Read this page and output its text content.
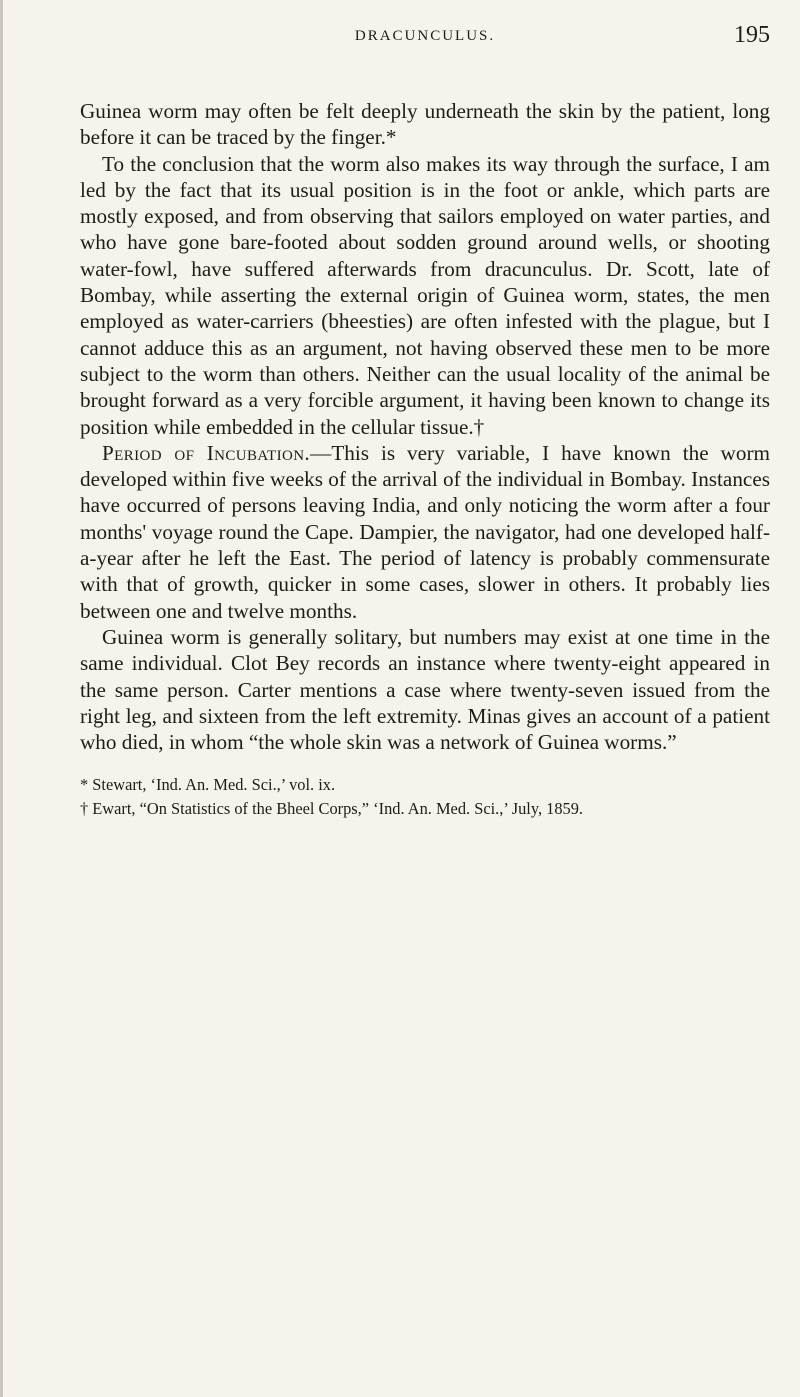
DRACUNCULUS.	195

Guinea worm may often be felt deeply underneath the skin by the patient, long before it can be traced by the finger.*

To the conclusion that the worm also makes its way through the surface, I am led by the fact that its usual position is in the foot or ankle, which parts are mostly exposed, and from observing that sailors employed on water parties, and who have gone bare-footed about sodden ground around wells, or shooting water-fowl, have suffered afterwards from dracunculus. Dr. Scott, late of Bombay, while asserting the external origin of Guinea worm, states, the men employed as water-carriers (bheesties) are often infested with the plague, but I cannot adduce this as an argument, not having observed these men to be more subject to the worm than others. Neither can the usual locality of the animal be brought forward as a very forcible argument, it having been known to change its position while embedded in the cellular tissue.†

Period of Incubation.—This is very variable, I have known the worm developed within five weeks of the arrival of the individual in Bombay. Instances have occurred of persons leaving India, and only noticing the worm after a four months' voyage round the Cape. Dampier, the navigator, had one developed half-a-year after he left the East. The period of latency is probably commensurate with that of growth, quicker in some cases, slower in others. It probably lies between one and twelve months.

Guinea worm is generally solitary, but numbers may exist at one time in the same individual. Clot Bey records an instance where twenty-eight appeared in the same person. Carter mentions a case where twenty-seven issued from the right leg, and sixteen from the left extremity. Minas gives an account of a patient who died, in whom “the whole skin was a network of Guinea worms.”

* Stewart, ‘Ind. An. Med. Sci.,’ vol. ix.

† Ewart, “On Statistics of the Bheel Corps,” ‘Ind. An. Med. Sci.,’ July, 1859.
